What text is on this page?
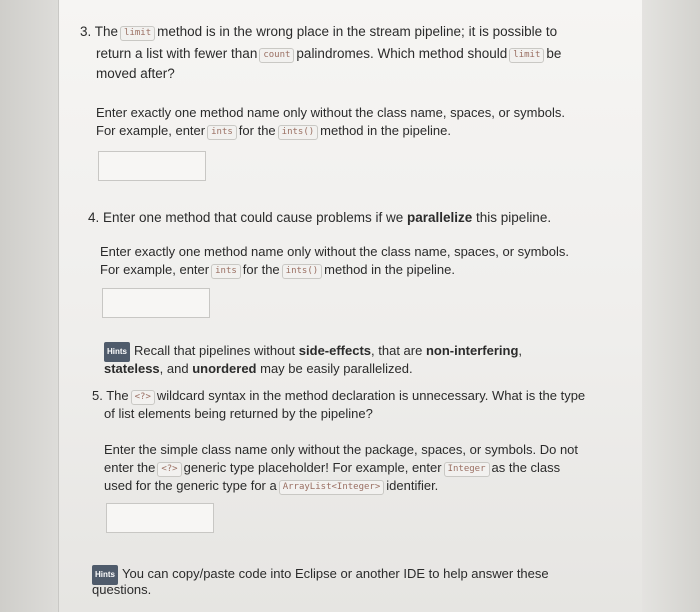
3. The limit method is in the wrong place in the stream pipeline; it is possible to
return a list with fewer than count palindromes. Which method should limit be
moved after?
Enter exactly one method name only without the class name, spaces, or symbols.
For example, enter ints for the ints() method in the pipeline.
4. Enter one method that could cause problems if we parallelize this pipeline.
Enter exactly one method name only without the class name, spaces, or symbols.
For example, enter ints for the ints() method in the pipeline.
Hints Recall that pipelines without side-effects, that are non-interfering,
stateless, and unordered may be easily parallelized.
5. The <?> wildcard syntax in the method declaration is unnecessary. What is the type
of list elements being returned by the pipeline?
Enter the simple class name only without the package, spaces, or symbols. Do not
enter the <?> generic type placeholder! For example, enter Integer as the class
used for the generic type for a ArrayList<Integer> identifier.
Hints You can copy/paste code into Eclipse or another IDE to help answer these
questions.
